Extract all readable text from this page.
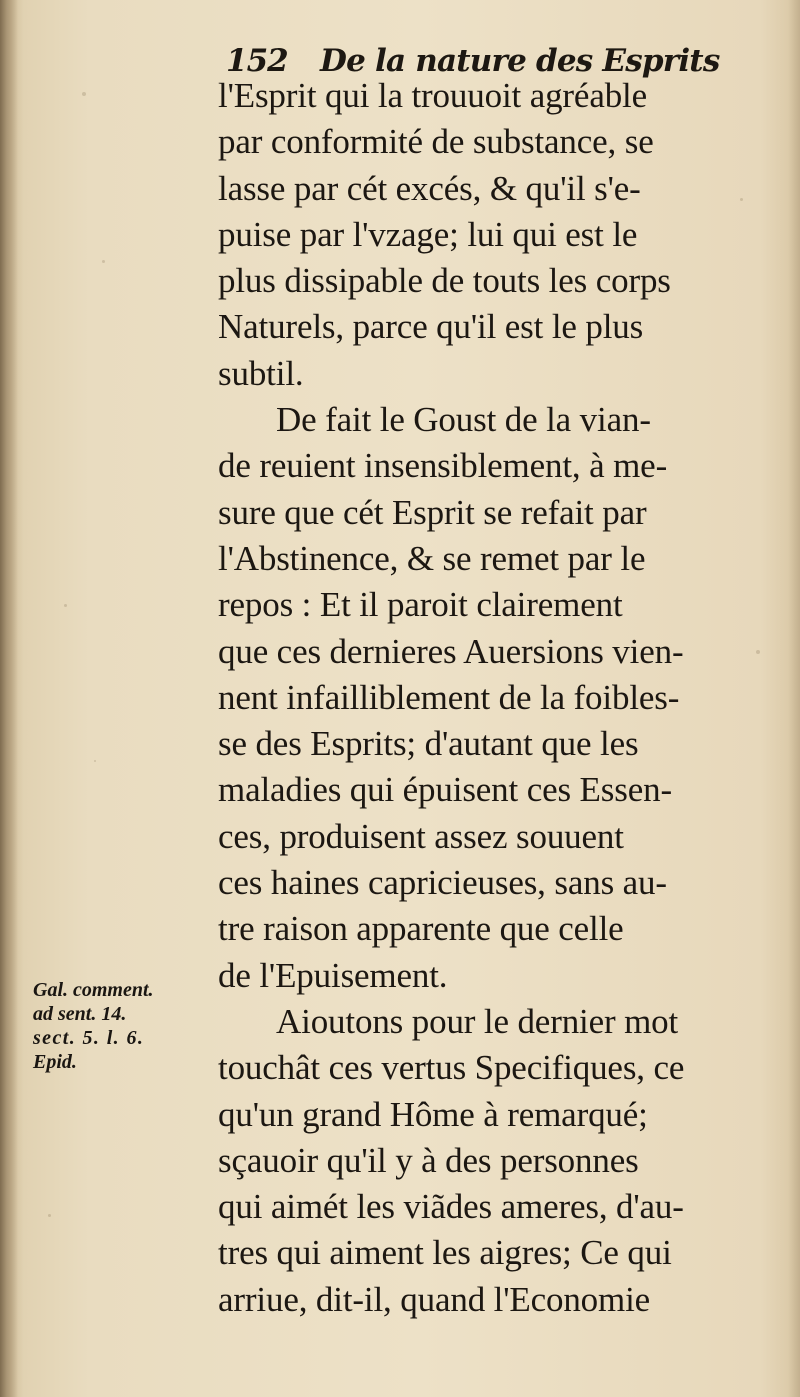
152 De la nature des Esprits
l'Esprit qui la trouuoit agréable
par conformité de substance, se
lasse par cét excés, & qu'il s'e-
puise par l'vzage; lui qui est le
plus dissipable de touts les corps
Naturels, parce qu'il est le plus
subtil.
De fait le Goust de la vian-
de reuient insensiblement, à me-
sure que cét Esprit se refait par
l'Abstinence, & se remet par le
repos : Et il paroit clairement
que ces dernieres Auersions vien-
nent infailliblement de la foibles-
se des Esprits; d'autant que les
maladies qui épuisent ces Essen-
ces, produisent assez souuent
ces haines capricieuses, sans au-
tre raison apparente que celle
de l'Epuisement.
Aioutons pour le dernier mot
touchât ces vertus Specifiques, ce
qu'un grand Hôme à remarqué;
sçauoir qu'il y à des personnes
qui aimét les viãdes ameres, d'au-
tres qui aiment les aigres; Ce qui
arriue, dit-il, quand l'Economie
Gal. comment.
ad sent. 14.
sect. 5. l. 6.
Epid.
